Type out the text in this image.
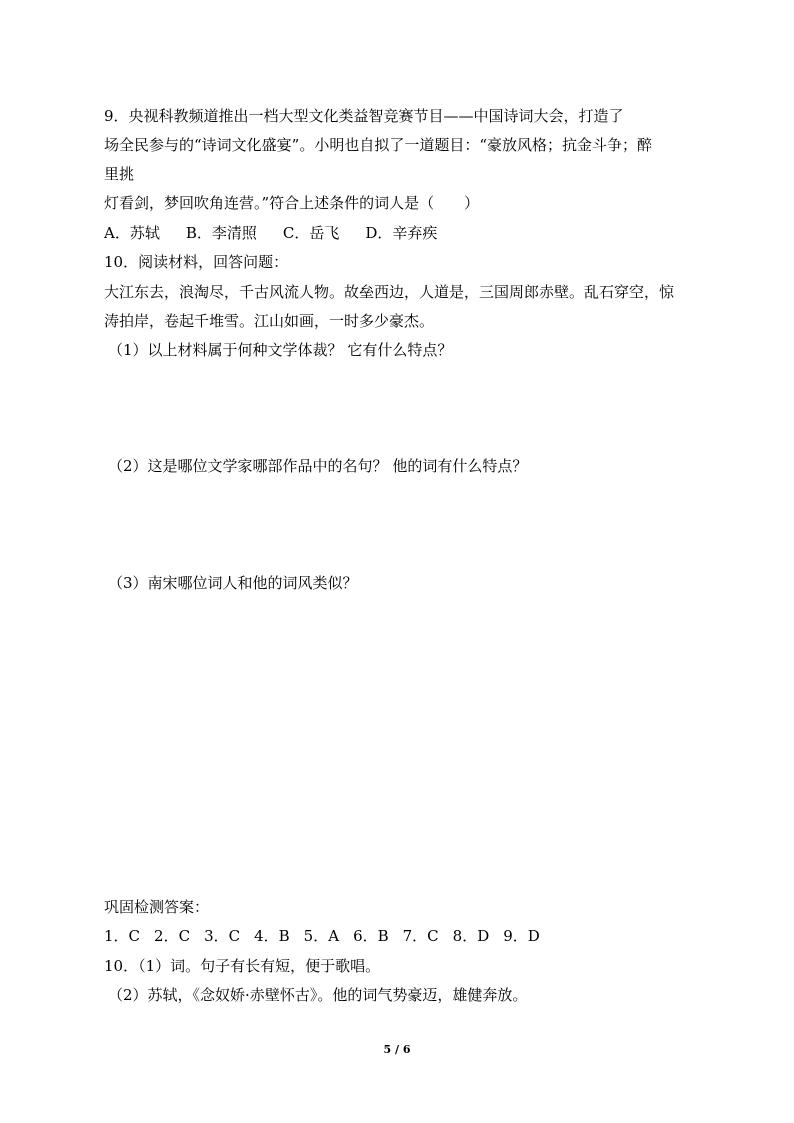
9．央视科教频道推出一档大型文化类益智竞赛节目——中国诗词大会，打造了

场全民参与的“诗词文化盛宴”。小明也自拟了一道题目：“豪放风格；抗金斗争；醉

里挑

灯看剑，梦回吹角连营。”符合上述条件的词人是（　　）

A．苏轼 B．李清照 C．岳飞 D．辛弃疾

10．阅读材料，回答问题：

大江东去，浪淘尽，千古风流人物。故垒西边，人道是，三国周郎赤壁。乱石穿空，惊

涛拍岸，卷起千堆雪。江山如画，一时多少豪杰。

（1）以上材料属于何种文学体裁？ 它有什么特点？

（2）这是哪位文学家哪部作品中的名句？ 他的词有什么特点？

（3）南宋哪位词人和他的词风类似？

巩固检测答案：

1．C 2．C 3．C 4．B 5．A 6．B 7．C 8．D 9．D

10．（1）词。句子有长有短，便于歌唱。

（2）苏轼，《念奴娇·赤壁怀古》。他的词气势豪迈，雄健奔放。

5 / 6
